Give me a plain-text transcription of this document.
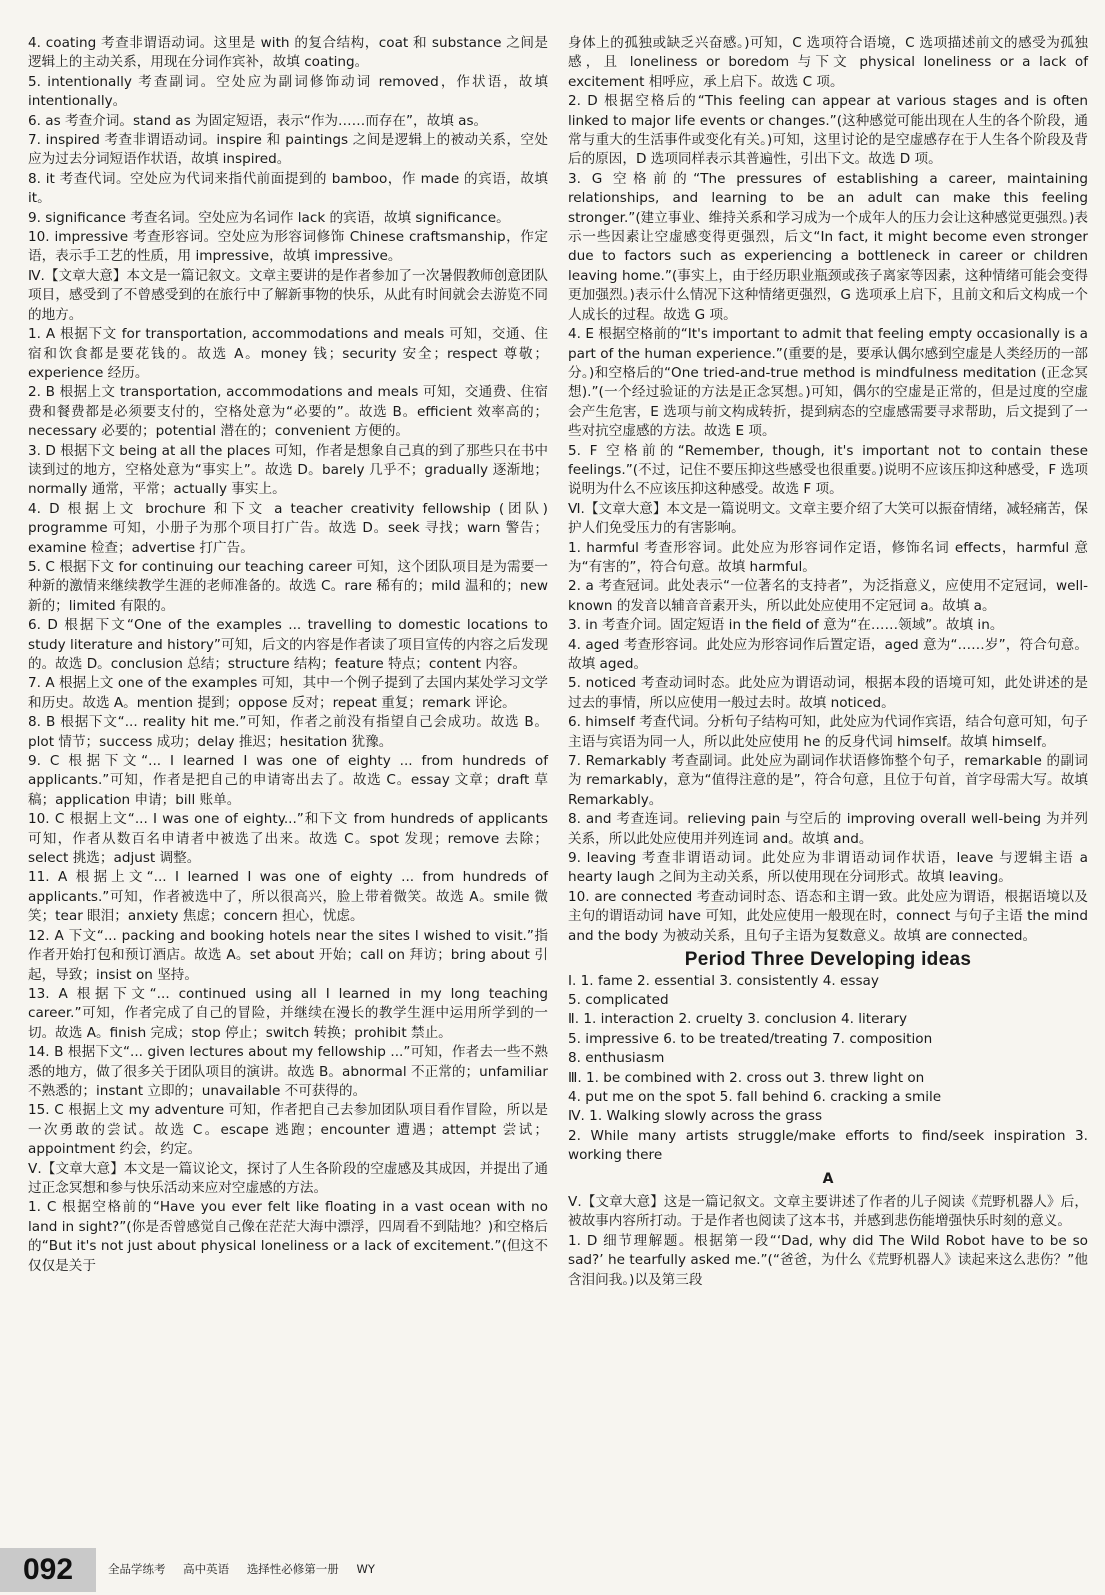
4. coating 考查非谓语动词。这里是 with 的复合结构，coat 和 substance 之间是逻辑上的主动关系，用现在分词作宾补，故填 coating。

5. intentionally 考查副词。空处应为副词修饰动词 removed，作状语，故填 intentionally。

6. as 考查介词。stand as 为固定短语，表示“作为……而存在”，故填 as。

7. inspired 考查非谓语动词。inspire 和 paintings 之间是逻辑上的被动关系，空处应为过去分词短语作状语，故填 inspired。

8. it 考查代词。空处应为代词来指代前面提到的 bamboo，作 made 的宾语，故填 it。

9. significance 考查名词。空处应为名词作 lack 的宾语，故填 significance。

10. impressive 考查形容词。空处应为形容词修饰 Chinese craftsmanship，作定语，表示手工艺的性质，用 impressive，故填 impressive。

Ⅳ.【文章大意】本文是一篇记叙文。文章主要讲的是作者参加了一次暑假教师创意团队项目，感受到了不曾感受到的在旅行中了解新事物的快乐，从此有时间就会去游览不同的地方。

1. A 根据下文 for transportation, accommodations and meals 可知，交通、住宿和饮食都是要花钱的。故选 A。money 钱；security 安全；respect 尊敬；experience 经历。

2. B 根据上文 transportation, accommodations and meals 可知，交通费、住宿费和餐费都是必须要支付的，空格处意为“必要的”。故选 B。efficient 效率高的；necessary 必要的；potential 潜在的；convenient 方便的。

3. D 根据下文 being at all the places 可知，作者是想象自己真的到了那些只在书中读到过的地方，空格处意为“事实上”。故选 D。barely 几乎不；gradually 逐渐地；normally 通常，平常；actually 事实上。

4. D 根据上文 brochure 和下文 a teacher creativity fellowship (团队) programme 可知，小册子为那个项目打广告。故选 D。seek 寻找；warn 警告；examine 检查；advertise 打广告。

5. C 根据下文 for continuing our teaching career 可知，这个团队项目是为需要一种新的激情来继续教学生涯的老师准备的。故选 C。rare 稀有的；mild 温和的；new 新的；limited 有限的。

6. D 根据下文“One of the examples ... travelling to domestic locations to study literature and history”可知，后文的内容是作者读了项目宣传的内容之后发现的。故选 D。conclusion 总结；structure 结构；feature 特点；content 内容。

7. A 根据上文 one of the examples 可知，其中一个例子提到了去国内某处学习文学和历史。故选 A。mention 提到；oppose 反对；repeat 重复；remark 评论。

8. B 根据下文“... reality hit me.”可知，作者之前没有指望自己会成功。故选 B。plot 情节；success 成功；delay 推迟；hesitation 犹豫。

9. C 根据下文“... I learned I was one of eighty ... from hundreds of applicants.”可知，作者是把自己的申请寄出去了。故选 C。essay 文章；draft 草稿；application 申请；bill 账单。

10. C 根据上文“... I was one of eighty...”和下文 from hundreds of applicants 可知，作者从数百名申请者中被选了出来。故选 C。spot 发现；remove 去除；select 挑选；adjust 调整。

11. A 根据上文“... I learned I was one of eighty ... from hundreds of applicants.”可知，作者被选中了，所以很高兴，脸上带着微笑。故选 A。smile 微笑；tear 眼泪；anxiety 焦虑；concern 担心，忧虑。

12. A 下文“... packing and booking hotels near the sites I wished to visit.”指作者开始打包和预订酒店。故选 A。set about 开始；call on 拜访；bring about 引起，导致；insist on 坚持。

13. A 根据下文“... continued using all I learned in my long teaching career.”可知，作者完成了自己的冒险，并继续在漫长的教学生涯中运用所学到的一切。故选 A。finish 完成；stop 停止；switch 转换；prohibit 禁止。

14. B 根据下文“... given lectures about my fellowship ...”可知，作者去一些不熟悉的地方，做了很多关于团队项目的演讲。故选 B。abnormal 不正常的；unfamiliar 不熟悉的；instant 立即的；unavailable 不可获得的。

15. C 根据上文 my adventure 可知，作者把自己去参加团队项目看作冒险，所以是一次勇敢的尝试。故选 C。escape 逃跑；encounter 遭遇；attempt 尝试；appointment 约会，约定。

Ⅴ.【文章大意】本文是一篇议论文，探讨了人生各阶段的空虚感及其成因，并提出了通过正念冥想和参与快乐活动来应对空虚感的方法。

1. C 根据空格前的“Have you ever felt like floating in a vast ocean with no land in sight?”(你是否曾感觉自己像在茫茫大海中漂浮，四周看不到陆地？)和空格后的“But it's not just about physical loneliness or a lack of excitement.”(但这不仅仅是关于

身体上的孤独或缺乏兴奋感。)可知，C 选项符合语境，C 选项描述前文的感受为孤独感，且 loneliness or boredom 与下文 physical loneliness or a lack of excitement 相呼应，承上启下。故选 C 项。

2. D 根据空格后的“This feeling can appear at various stages and is often linked to major life events or changes.”(这种感觉可能出现在人生的各个阶段，通常与重大的生活事件或变化有关。)可知，这里讨论的是空虚感存在于人生各个阶段及背后的原因，D 选项同样表示其普遍性，引出下文。故选 D 项。

3. G 空格前的“The pressures of establishing a career, maintaining relationships, and learning to be an adult can make this feeling stronger.”(建立事业、维持关系和学习成为一个成年人的压力会让这种感觉更强烈。)表示一些因素让空虚感变得更强烈，后文“In fact, it might become even stronger due to factors such as experiencing a bottleneck in career or children leaving home.”(事实上，由于经历职业瓶颈或孩子离家等因素，这种情绪可能会变得更加强烈。)表示什么情况下这种情绪更强烈，G 选项承上启下，且前文和后文构成一个人成长的过程。故选 G 项。

4. E 根据空格前的“It's important to admit that feeling empty occasionally is a part of the human experience.”(重要的是，要承认偶尔感到空虚是人类经历的一部分。)和空格后的“One tried-and-true method is mindfulness meditation (正念冥想).”(一个经过验证的方法是正念冥想。)可知，偶尔的空虚是正常的，但是过度的空虚会产生危害，E 选项与前文构成转折，提到病态的空虚感需要寻求帮助，后文提到了一些对抗空虚感的方法。故选 E 项。

5. F 空格前的“Remember, though, it's important not to contain these feelings.”(不过，记住不要压抑这些感受也很重要。)说明不应该压抑这种感受，F 选项说明为什么不应该压抑这种感受。故选 F 项。

Ⅵ.【文章大意】本文是一篇说明文。文章主要介绍了大笑可以振奋情绪，减轻痛苦，保护人们免受压力的有害影响。

1. harmful 考查形容词。此处应为形容词作定语，修饰名词 effects，harmful 意为“有害的”，符合句意。故填 harmful。

2. a 考查冠词。此处表示“一位著名的支持者”，为泛指意义，应使用不定冠词，well-known 的发音以辅音音素开头，所以此处应使用不定冠词 a。故填 a。

3. in 考查介词。固定短语 in the field of 意为“在……领域”。故填 in。

4. aged 考查形容词。此处应为形容词作后置定语，aged 意为“……岁”，符合句意。故填 aged。

5. noticed 考查动词时态。此处应为谓语动词，根据本段的语境可知，此处讲述的是过去的事情，所以应使用一般过去时。故填 noticed。

6. himself 考查代词。分析句子结构可知，此处应为代词作宾语，结合句意可知，句子主语与宾语为同一人，所以此处应使用 he 的反身代词 himself。故填 himself。

7. Remarkably 考查副词。此处应为副词作状语修饰整个句子，remarkable 的副词为 remarkably，意为“值得注意的是”，符合句意，且位于句首，首字母需大写。故填 Remarkably。

8. and 考查连词。relieving pain 与空后的 improving overall well-being 为并列关系，所以此处应使用并列连词 and。故填 and。

9. leaving 考查非谓语动词。此处应为非谓语动词作状语，leave 与逻辑主语 a hearty laugh 之间为主动关系，所以使用现在分词形式。故填 leaving。

10. are connected 考查动词时态、语态和主谓一致。此处应为谓语，根据语境以及主句的谓语动词 have 可知，此处应使用一般现在时，connect 与句子主语 the mind and the body 为被动关系，且句子主语为复数意义。故填 are connected。

Period Three Developing ideas

Ⅰ. 1. fame 2. essential 3. consistently 4. essay

5. complicated

Ⅱ. 1. interaction 2. cruelty 3. conclusion 4. literary

5. impressive 6. to be treated/treating 7. composition

8. enthusiasm

Ⅲ. 1. be combined with 2. cross out 3. threw light on

4. put me on the spot 5. fall behind 6. cracking a smile

Ⅳ. 1. Walking slowly across the grass

2. While many artists struggle/make efforts to find/seek inspiration 3. working there

A

Ⅴ.【文章大意】这是一篇记叙文。文章主要讲述了作者的儿子阅读《荒野机器人》后，被故事内容所打动。于是作者也阅读了这本书，并感到悲伤能增强快乐时刻的意义。

1. D 细节理解题。根据第一段“‘Dad, why did The Wild Robot have to be so sad?’ he tearfully asked me.”(“爸爸，为什么《荒野机器人》读起来这么悲伤？”他含泪问我。)以及第三段

092	全品学练考 高中英语 选择性必修第一册 WY
